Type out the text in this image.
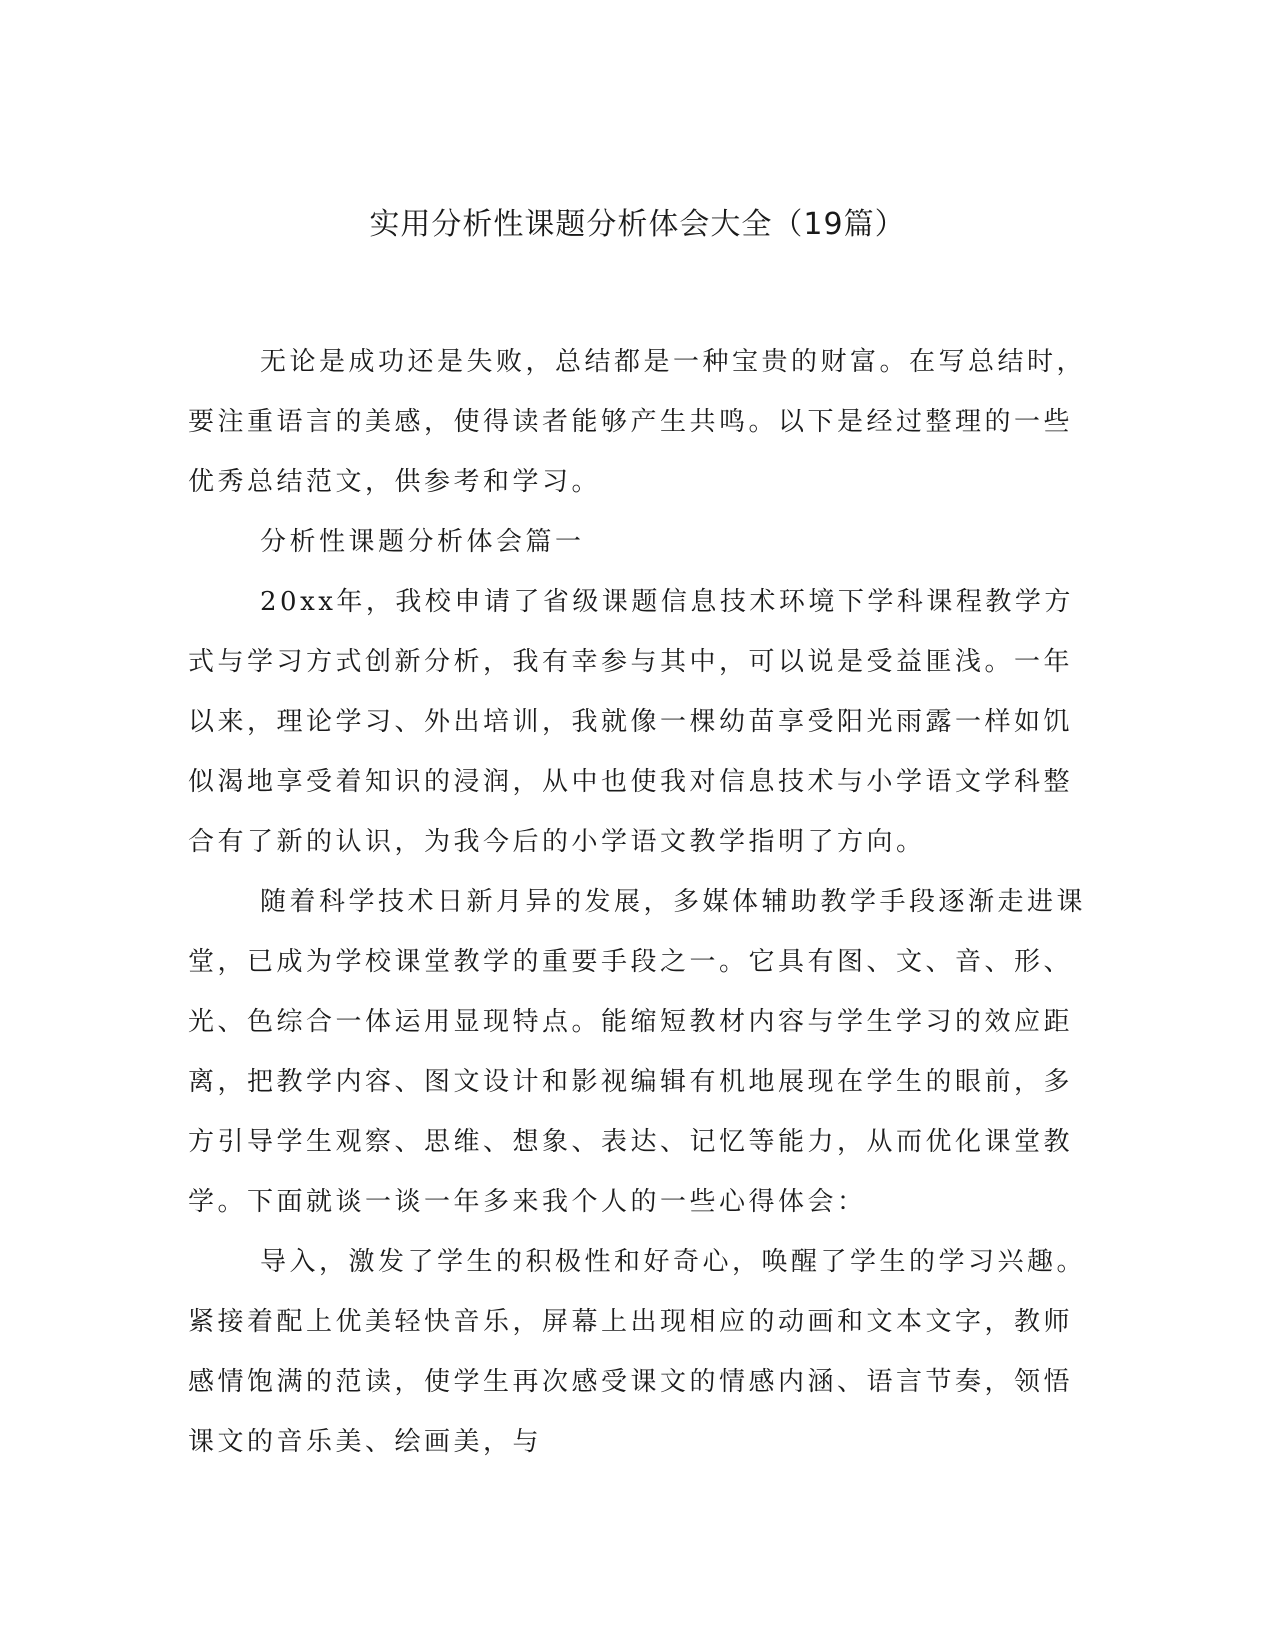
实用分析性课题分析体会大全（19篇）

无论是成功还是失败，总结都是一种宝贵的财富。在写总结时，要注重语言的美感，使得读者能够产生共鸣。以下是经过整理的一些优秀总结范文，供参考和学习。

分析性课题分析体会篇一

20xx年，我校申请了省级课题信息技术环境下学科课程教学方式与学习方式创新分析，我有幸参与其中，可以说是受益匪浅。一年以来，理论学习、外出培训，我就像一棵幼苗享受阳光雨露一样如饥似渴地享受着知识的浸润，从中也使我对信息技术与小学语文学科整合有了新的认识，为我今后的小学语文教学指明了方向。

随着科学技术日新月异的发展，多媒体辅助教学手段逐渐走进课堂，已成为学校课堂教学的重要手段之一。它具有图、文、音、形、光、色综合一体运用显现特点。能缩短教材内容与学生学习的效应距离，把教学内容、图文设计和影视编辑有机地展现在学生的眼前，多方引导学生观察、思维、想象、表达、记忆等能力，从而优化课堂教学。下面就谈一谈一年多来我个人的一些心得体会：

导入，激发了学生的积极性和好奇心，唤醒了学生的学习兴趣。紧接着配上优美轻快音乐，屏幕上出现相应的动画和文本文字，教师感情饱满的范读，使学生再次感受课文的情感内涵、语言节奏，领悟课文的音乐美、绘画美，与
